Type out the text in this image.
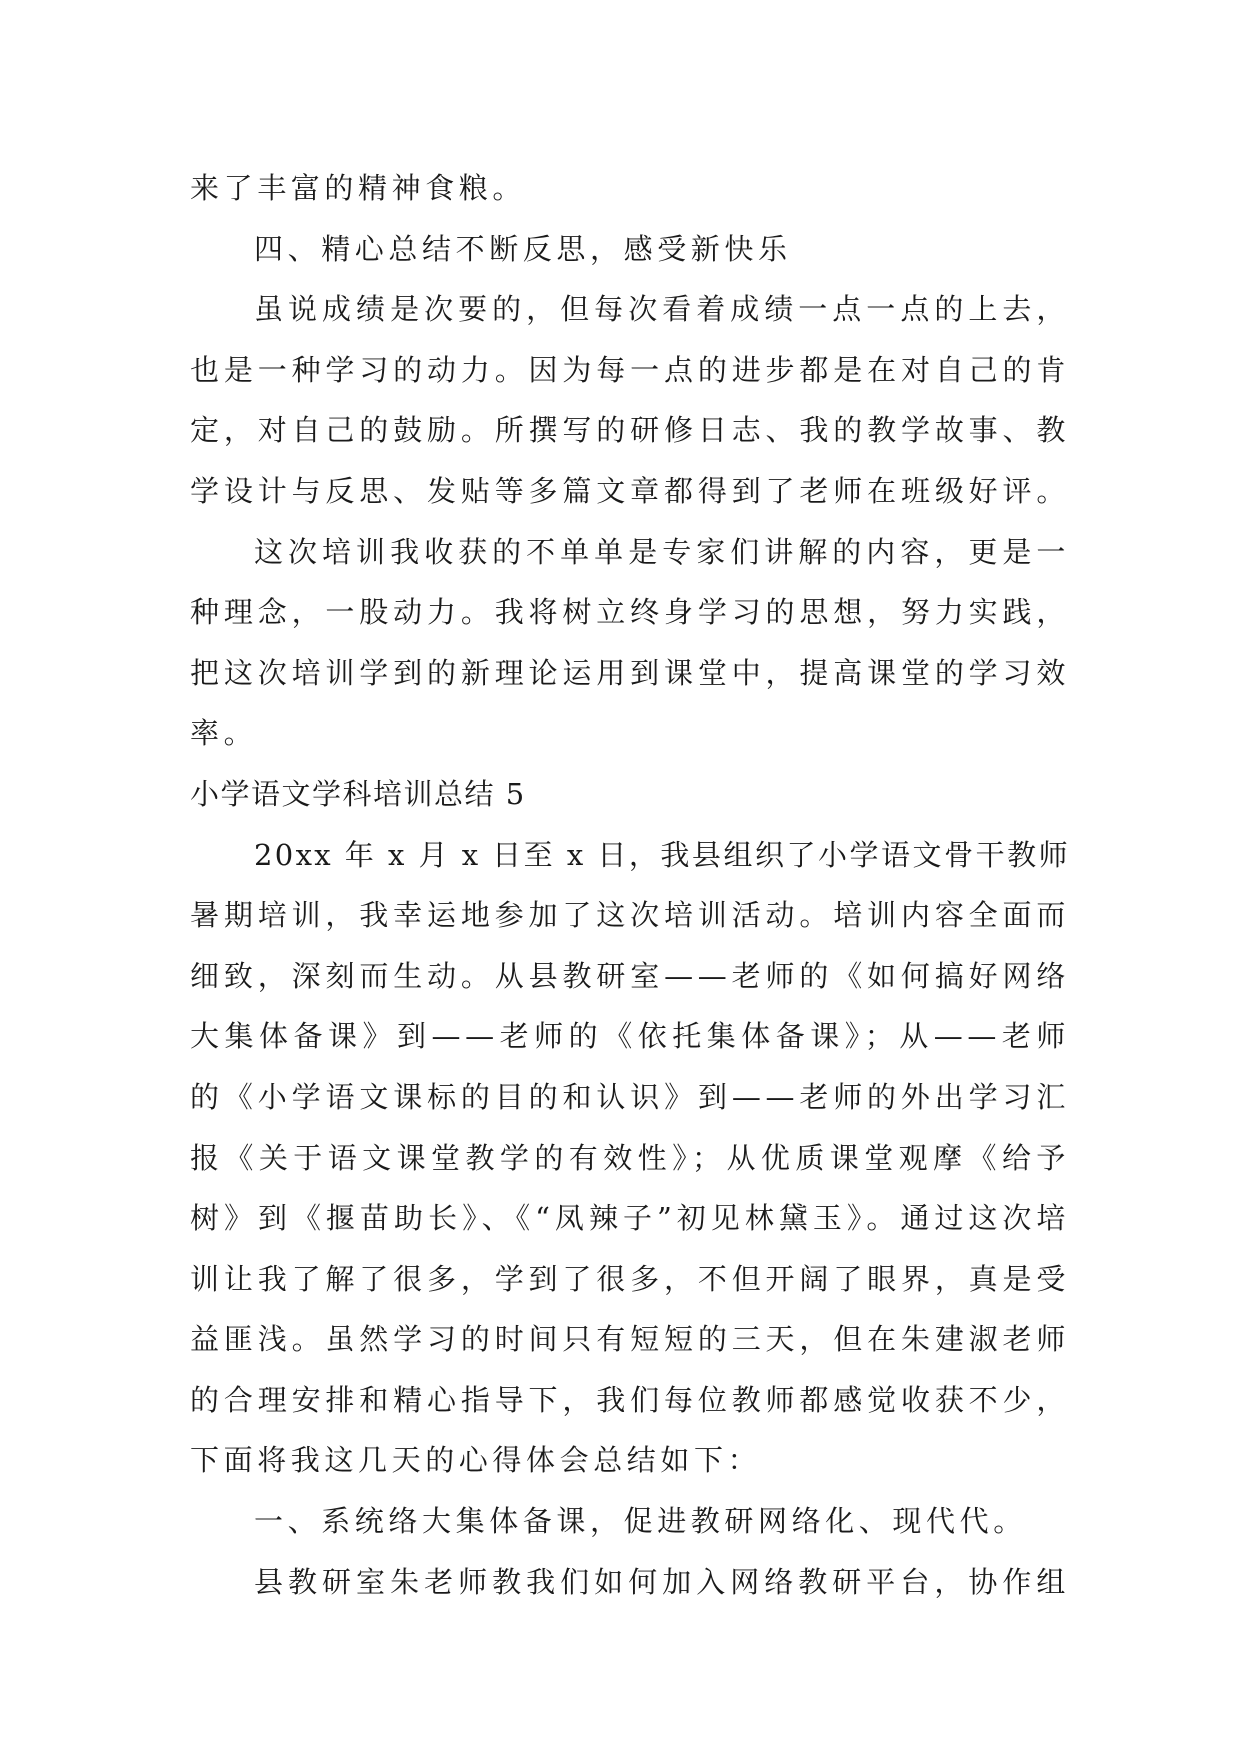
来了丰富的精神食粮。
四、精心总结不断反思，感受新快乐
虽说成绩是次要的，但每次看着成绩一点一点的上去，
也是一种学习的动力。因为每一点的进步都是在对自己的肯
定，对自己的鼓励。所撰写的研修日志、我的教学故事、教
学设计与反思、发贴等多篇文章都得到了老师在班级好评。
这次培训我收获的不单单是专家们讲解的内容，更是一
种理念，一股动力。我将树立终身学习的思想，努力实践，
把这次培训学到的新理论运用到课堂中，提高课堂的学习效
率。
小学语文学科培训总结 5
20xx 年 x 月 x 日至 x 日，我县组织了小学语文骨干教师
暑期培训，我幸运地参加了这次培训活动。培训内容全面而
细致，深刻而生动。从县教研室——老师的《如何搞好网络
大集体备课》到——老师的《依托集体备课》；从——老师
的《小学语文课标的目的和认识》到——老师的外出学习汇
报《关于语文课堂教学的有效性》；从优质课堂观摩《给予
树》到《揠苗助长》、《“凤辣子”初见林黛玉》。通过这次培
训让我了解了很多，学到了很多，不但开阔了眼界，真是受
益匪浅。虽然学习的时间只有短短的三天，但在朱建淑老师
的合理安排和精心指导下，我们每位教师都感觉收获不少，
下面将我这几天的心得体会总结如下：
一、系统络大集体备课，促进教研网络化、现代代。
县教研室朱老师教我们如何加入网络教研平台，协作组
